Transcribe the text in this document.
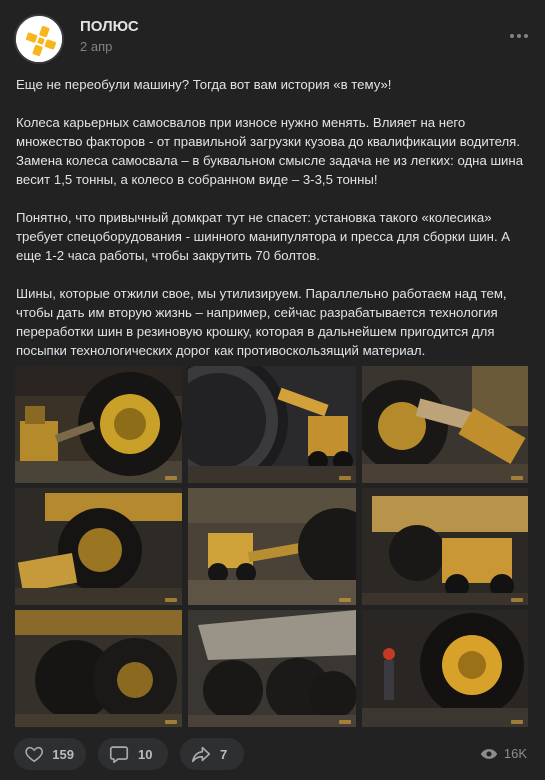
ПОЛЮС
2 апр

Еще не переобули машину? Тогда вот вам история «в тему»!

Колеса карьерных самосвалов при износе нужно менять. Влияет на него множество факторов - от правильной загрузки кузова до квалификации водителя. Замена колеса самосвала – в буквальном смысле задача не из легких: одна шина весит 1,5 тонны, а колесо в собранном виде – 3-3,5 тонны!

Понятно, что привычный домкрат тут не спасет: установка такого «колесика» требует спецоборудования - шинного манипулятора и пресса для сборки шин. А еще 1-2 часа работы, чтобы закрутить 70 болтов.

Шины, которые отжили свое, мы утилизируем. Параллельно работаем над тем, чтобы дать им вторую жизнь – например, сейчас разрабатывается технология переработки шин в резиновую крошку, которая в дальнейшем пригодится для посыпки технологических дорог как противоскользящий материал.

159	10	7	16K
